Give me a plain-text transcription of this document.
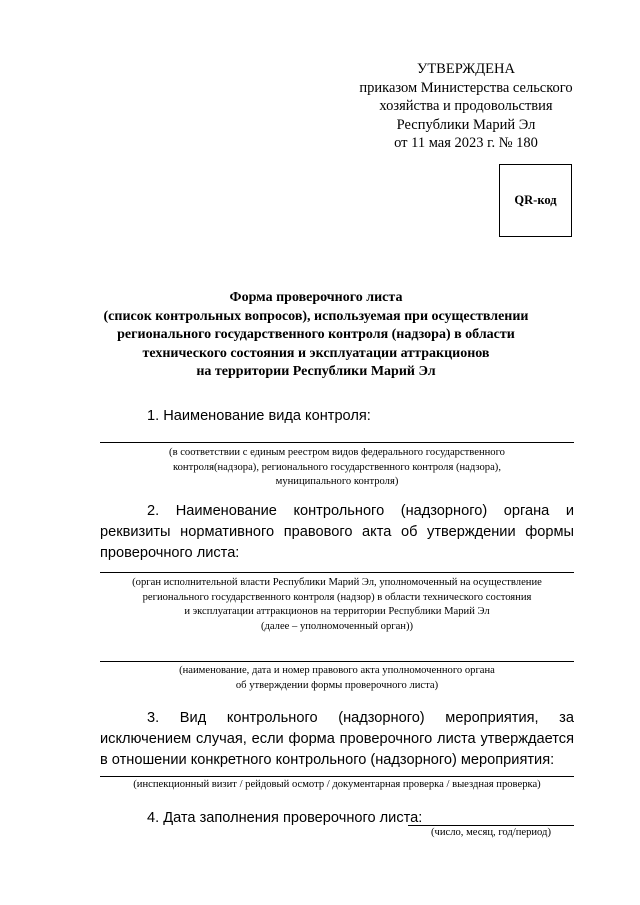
УТВЕРЖДЕНА
приказом Министерства сельского
хозяйства и продовольствия
Республики Марий Эл
от 11 мая 2023 г. № 180
QR-код
Форма проверочного листа
(список контрольных вопросов), используемая при осуществлении
регионального государственного контроля (надзора) в области
технического состояния и эксплуатации аттракционов
на территории Республики Марий Эл
1. Наименование вида контроля:
(в соответствии с единым реестром видов федерального государственного
контроля(надзора), регионального государственного контроля (надзора),
муниципального контроля)
2. Наименование контрольного (надзорного) органа и реквизиты нормативного правового акта об утверждении формы проверочного листа:
(орган исполнительной власти Республики Марий Эл, уполномоченный на осуществление
регионального государственного контроля (надзор) в области технического состояния
и эксплуатации аттракционов на территории Республики Марий Эл
(далее – уполномоченный орган))
(наименование, дата и номер правового акта уполномоченного органа
об утверждении формы проверочного листа)
3. Вид контрольного (надзорного) мероприятия, за исключением случая, если форма проверочного листа утверждается в отношении конкретного контрольного (надзорного) мероприятия:
(инспекционный визит / рейдовый осмотр / документарная проверка / выездная проверка)
4. Дата заполнения проверочного листа:
(число, месяц, год/период)
